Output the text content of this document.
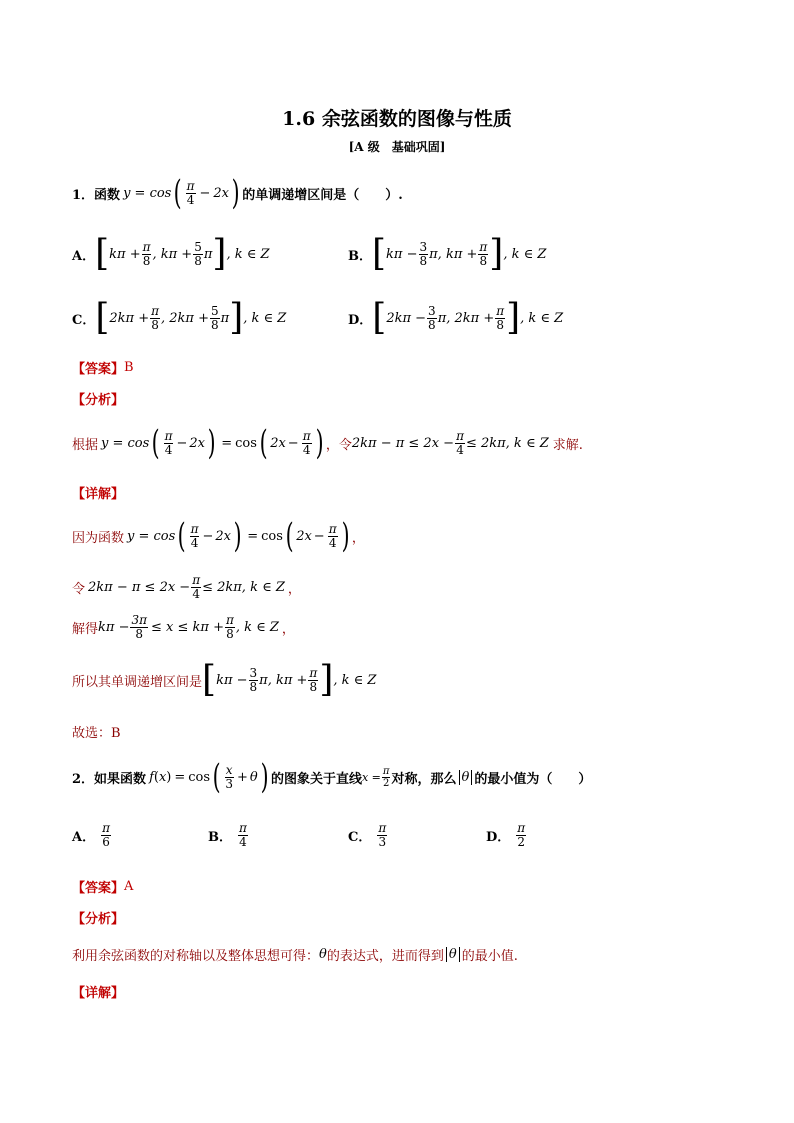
1.6 余弦函数的图像与性质
[A 级　基础巩固]
1． 函数 y = cos ( $\frac{\pi}{4} - 2x$ ) 的单调递增区间是（　　）.
A． [ $k\pi + \frac{\pi}{8}$ , $k\pi + \frac{5}{8}$ π ] , k ∈ Z	B． [ $k\pi - \frac{3}{8} \pi$, $k\pi + \frac{\pi}{8}$ ] , k ∈ Z
C． [ $2k\pi + \frac{\pi}{8}$ , $2k\pi + \frac{5}{8}$ π ] , k ∈ Z	D． [ $2k\pi - \frac{3}{8} \pi$, $2k\pi + \frac{\pi}{8}$ ] , k ∈ Z
【答案】 B
【分析】
根据 y = cos ( $\frac{\pi}{4} - 2x$ ) = cos ( $2x - \frac{\pi}{4}$ ) ，令 $2k\pi - \pi \le 2x - \frac{\pi}{4} \le 2k\pi$, k ∈ Z 求解.
【详解】
因为函数 y = cos ( $\frac{\pi}{4} - 2x$ ) = cos ( $2x - \frac{\pi}{4}$ ) ，
令 $2k\pi - \pi \le 2x - \frac{\pi}{4} \le 2k\pi$, k ∈ Z ，
解得 $k\pi - \frac{3\pi}{8} \le x \le k\pi + \frac{\pi}{8}$ , k ∈ Z ，
所以其单调递增区间是 [ $k\pi - \frac{3}{8} \pi$, $k\pi + \frac{\pi}{8}$ ] , k ∈ Z
故选：B
2． 如果函数 f ( x ) = cos ( $\frac{x}{3} + \theta$ ) 的图象关于直线 $x = \frac{\pi}{2}$ 对称，那么 θ 的最小值为（　　）
A． $\frac{\pi}{6}$	B． $\frac{\pi}{4}$	C． $\frac{\pi}{3}$	D． $\frac{\pi}{2}$
【答案】 A
【分析】
利用余弦函数的对称轴以及整体思想可得： θ 的表达式，进而得到 θ 的最小值.
【详解】
